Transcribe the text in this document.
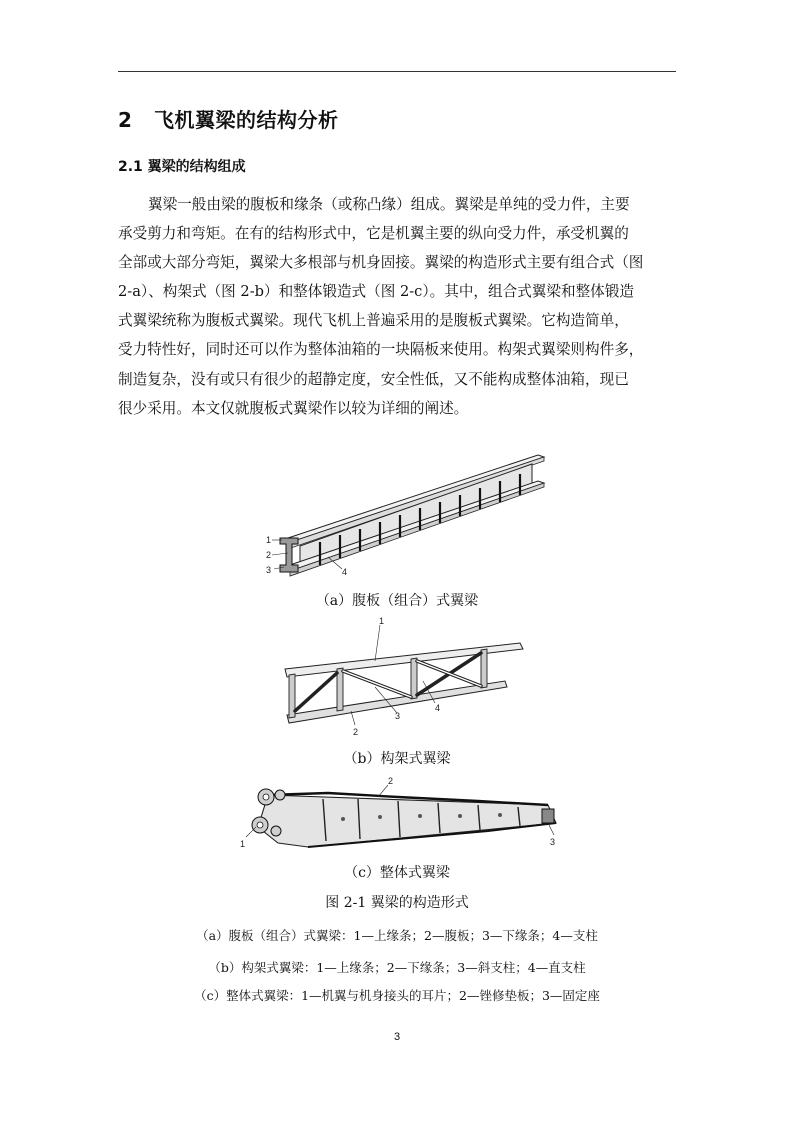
2 飞机翼梁的结构分析
2.1 翼梁的结构组成
翼梁一般由梁的腹板和缘条（或称凸缘）组成。翼梁是单纯的受力件，主要
承受剪力和弯矩。在有的结构形式中，它是机翼主要的纵向受力件，承受机翼的
全部或大部分弯矩，翼梁大多根部与机身固接。翼梁的构造形式主要有组合式（图
2-a）、构架式（图 2-b）和整体锻造式（图 2-c）。其中，组合式翼梁和整体锻造
式翼梁统称为腹板式翼梁。现代飞机上普遍采用的是腹板式翼梁。它构造简单，
受力特性好，同时还可以作为整体油箱的一块隔板来使用。构架式翼梁则构件多，
制造复杂，没有或只有很少的超静定度，安全性低，又不能构成整体油箱，现已
很少采用。本文仅就腹板式翼梁作以较为详细的阐述。
1
2
3	4
（a）腹板（组合）式翼梁
1
2
3
4
（b）构架式翼梁
1
2
3
（c）整体式翼梁
图 2-1 翼梁的构造形式
（a）腹板（组合）式翼梁：1—上缘条；2—腹板；3—下缘条；4—支柱
（b）构架式翼梁：1—上缘条；2—下缘条；3—斜支柱；4—直支柱
（c）整体式翼梁：1—机翼与机身接头的耳片；2—锉修垫板；3—固定座
3
